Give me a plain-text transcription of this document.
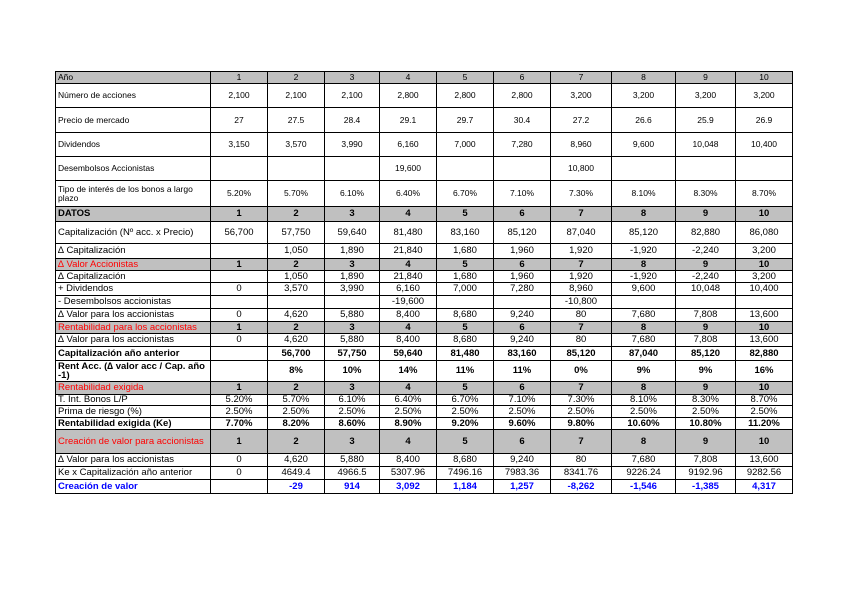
Año	1	2	3	4	5	6	7	8	9	10
Número de acciones	2,100	2,100	2,100	2,800	2,800	2,800	3,200	3,200	3,200	3,200
Precio de mercado	27	27.5	28.4	29.1	29.7	30.4	27.2	26.6	25.9	26.9
Dividendos	3,150	3,570	3,990	6,160	7,000	7,280	8,960	9,600	10,048	10,400
Desembolsos Accionistas				19,600			10,800			
Tipo de interés de los bonos a largo plazo	5.20%	5.70%	6.10%	6.40%	6.70%	7.10%	7.30%	8.10%	8.30%	8.70%
DATOS	1	2	3	4	5	6	7	8	9	10
Capitalización (Nº acc. x Precio)	56,700	57,750	59,640	81,480	83,160	85,120	87,040	85,120	82,880	86,080
∆ Capitalización		1,050	1,890	21,840	1,680	1,960	1,920	-1,920	-2,240	3,200
∆ Valor Accionistas	1	2	3	4	5	6	7	8	9	10
∆ Capitalización		1,050	1,890	21,840	1,680	1,960	1,920	-1,920	-2,240	3,200
+ Dividendos	0	3,570	3,990	6,160	7,000	7,280	8,960	9,600	10,048	10,400
- Desembolsos accionistas				-19,600			-10,800			
∆ Valor para los accionistas	0	4,620	5,880	8,400	8,680	9,240	80	7,680	7,808	13,600
Rentabilidad para los accionistas	1	2	3	4	5	6	7	8	9	10
∆ Valor para los accionistas	0	4,620	5,880	8,400	8,680	9,240	80	7,680	7,808	13,600
Capitalización año anterior		56,700	57,750	59,640	81,480	83,160	85,120	87,040	85,120	82,880
Rent Acc. (∆ valor acc / Cap. año -1)		8%	10%	14%	11%	11%	0%	9%	9%	16%
Rentabilidad exigida	1	2	3	4	5	6	7	8	9	10
T. Int. Bonos L/P	5.20%	5.70%	6.10%	6.40%	6.70%	7.10%	7.30%	8.10%	8.30%	8.70%
Prima de riesgo (%)	2.50%	2.50%	2.50%	2.50%	2.50%	2.50%	2.50%	2.50%	2.50%	2.50%
Rentabilidad exigida (Ke)	7.70%	8.20%	8.60%	8.90%	9.20%	9.60%	9.80%	10.60%	10.80%	11.20%
Creación de valor para accionistas	1	2	3	4	5	6	7	8	9	10
∆ Valor para los accionistas	0	4,620	5,880	8,400	8,680	9,240	80	7,680	7,808	13,600
Ke x Capitalización año anterior	0	4649.4	4966.5	5307.96	7496.16	7983.36	8341.76	9226.24	9192.96	9282.56
Creación de valor		-29	914	3,092	1,184	1,257	-8,262	-1,546	-1,385	4,317
